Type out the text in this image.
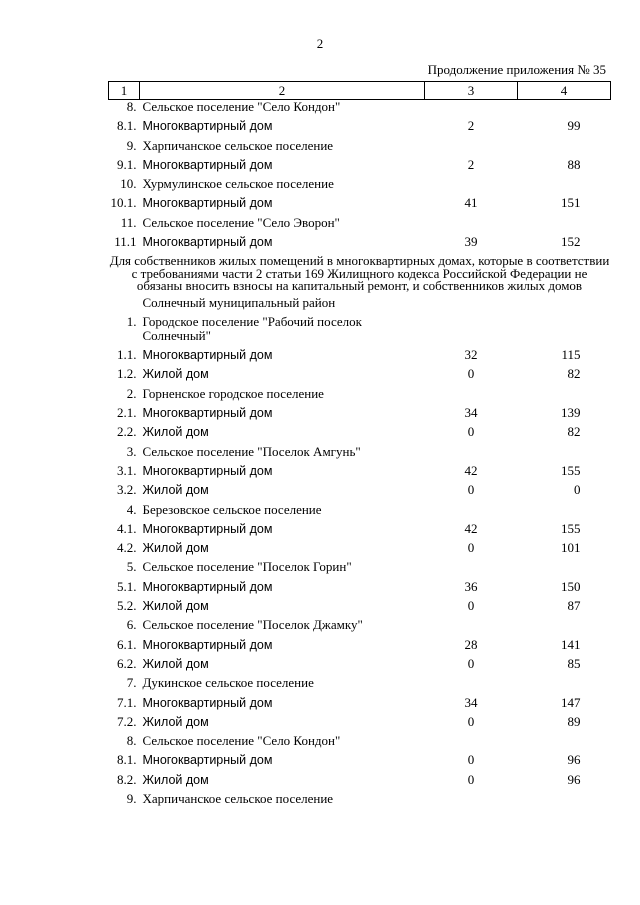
2
Продолжение приложения № 35
1	2	3	4
8.	Сельское поселение "Село Кондон"		
8.1.	Многоквартирный дом	2	99
9.	Харпичанское сельское поселение		
9.1.	Многоквартирный дом	2	88
10.	Хурмулинское сельское поселение		
10.1.	Многоквартирный дом	41	151
11.	Сельское поселение "Село Эворон"		
11.1	Многоквартирный дом	39	152
Для собственников жилых помещений в многоквартирных домах, которые в соответствии с требованиями части 2 статьи 169 Жилищного кодекса Российской Федерации не обязаны вносить взносы на капитальный ремонт, и собственников жилых домов			
	Солнечный муниципальный район		
1.	Городское поселение "Рабочий поселок Солнечный"		
1.1.	Многоквартирный дом	32	115
1.2.	Жилой дом	0	82
2.	Горненское городское поселение		
2.1.	Многоквартирный дом	34	139
2.2.	Жилой дом	0	82
3.	Сельское поселение "Поселок Амгунь"		
3.1.	Многоквартирный дом	42	155
3.2.	Жилой дом	0	0
4.	Березовское сельское поселение		
4.1.	Многоквартирный дом	42	155
4.2.	Жилой дом	0	101
5.	Сельское поселение "Поселок Горин"		
5.1.	Многоквартирный дом	36	150
5.2.	Жилой дом	0	87
6.	Сельское поселение "Поселок Джамку"		
6.1.	Многоквартирный дом	28	141
6.2.	Жилой дом	0	85
7.	Дукинское сельское поселение		
7.1.	Многоквартирный дом	34	147
7.2.	Жилой дом	0	89
8.	Сельское поселение "Село Кондон"		
8.1.	Многоквартирный дом	0	96
8.2.	Жилой дом	0	96
9.	Харпичанское сельское поселение		
